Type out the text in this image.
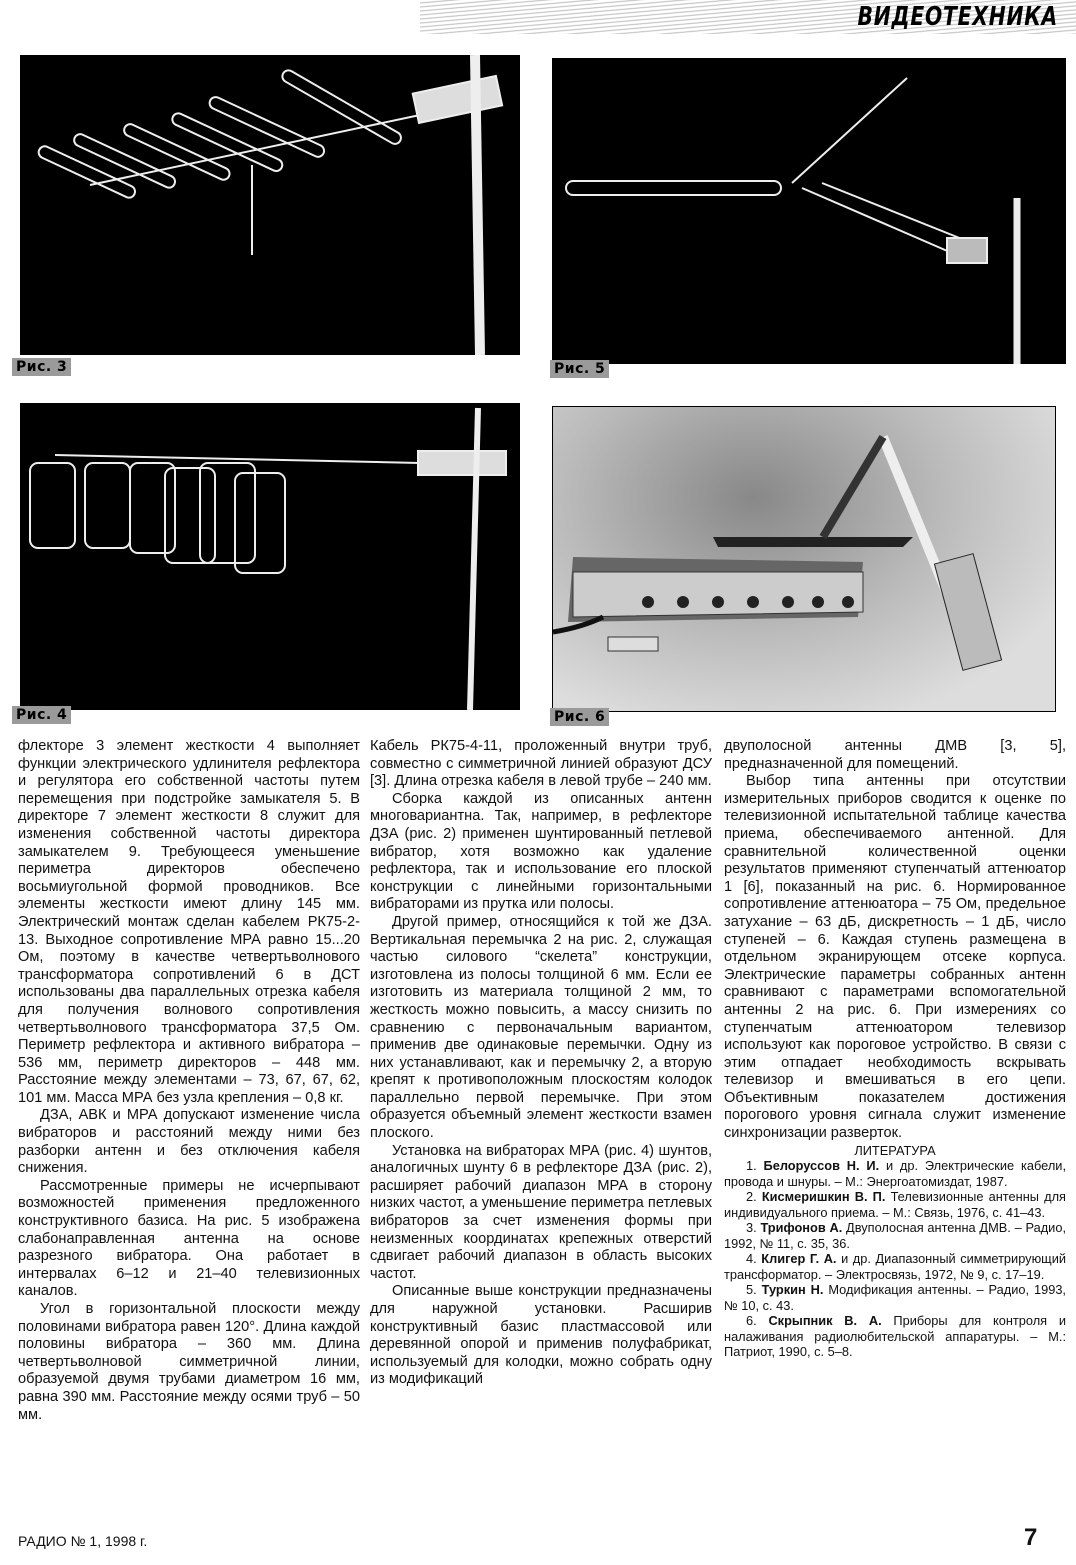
ВИДЕОТЕХНИКА
Рис. 3	Рис. 5
Рис. 4	Рис. 6

флекторе 3 элемент жесткости 4 выполняет функции электрического удлинителя рефлектора и регулятора его собственной частоты путем перемещения при подстройке замыкателя 5. В директоре 7 элемент жесткости 8 служит для изменения собственной частоты директора замыкателем 9. Требующееся уменьшение периметра директоров обеспечено восьмиугольной формой проводников. Все элементы жесткости имеют длину 145 мм. Электрический монтаж сделан кабелем РК75-2-13. Выходное сопротивление МРА равно 15...20 Ом, поэтому в качестве четвертьволнового трансформатора сопротивлений 6 в ДСТ использованы два параллельных отрезка кабеля для получения волнового сопротивления четвертьволнового трансформатора 37,5 Ом. Периметр рефлектора и активного вибратора – 536 мм, периметр директоров – 448 мм. Расстояние между элементами – 73, 67, 67, 62, 101 мм. Масса МРА без узла крепления – 0,8 кг.

ДЗА, АВК и МРА допускают изменение числа вибраторов и расстояний между ними без разборки антенн и без отключения кабеля снижения.

Рассмотренные примеры не исчерпывают возможностей применения предложенного конструктивного базиса. На рис. 5 изображена слабонаправленная антенна на основе разрезного вибратора. Она работает в интервалах 6–12 и 21–40 телевизионных каналов.

Угол в горизонтальной плоскости между половинами вибратора равен 120°. Длина каждой половины вибратора – 360 мм. Длина четвертьволновой симметричной линии, образуемой двумя трубами диаметром 16 мм, равна 390 мм. Расстояние между осями труб – 50 мм.

Кабель РК75-4-11, проложенный внутри труб, совместно с симметричной линией образуют ДСУ [3]. Длина отрезка кабеля в левой трубе – 240 мм.

Сборка каждой из описанных антенн многовариантна. Так, например, в рефлекторе ДЗА (рис. 2) применен шунтированный петлевой вибратор, хотя возможно как удаление рефлектора, так и использование его плоской конструкции с линейными горизонтальными вибраторами из прутка или полосы.

Другой пример, относящийся к той же ДЗА. Вертикальная перемычка 2 на рис. 2, служащая частью силового “скелета” конструкции, изготовлена из полосы толщиной 6 мм. Если ее изготовить из материала толщиной 2 мм, то жесткость можно повысить, а массу снизить по сравнению с первоначальным вариантом, применив две одинаковые перемычки. Одну из них устанавливают, как и перемычку 2, а вторую крепят к противоположным плоскостям колодок параллельно первой перемычке. При этом образуется объемный элемент жесткости взамен плоского.

Установка на вибраторах МРА (рис. 4) шунтов, аналогичных шунту 6 в рефлекторе ДЗА (рис. 2), расширяет рабочий диапазон МРА в сторону низких частот, а уменьшение периметра петлевых вибраторов за счет изменения формы при неизменных координатах крепежных отверстий сдвигает рабочий диапазон в область высоких частот.

Описанные выше конструкции предназначены для наружной установки. Расширив конструктивный базис пластмассовой или деревянной опорой и применив полуфабрикат, используемый для колодки, можно собрать одну из модификаций

двуполосной антенны ДМВ [3, 5], предназначенной для помещений.

Выбор типа антенны при отсутствии измерительных приборов сводится к оценке по телевизионной испытательной таблице качества приема, обеспечиваемого антенной. Для сравнительной количественной оценки результатов применяют ступенчатый аттенюатор 1 [6], показанный на рис. 6. Нормированное сопротивление аттенюатора – 75 Ом, предельное затухание – 63 дБ, дискретность – 1 дБ, число ступеней – 6. Каждая ступень размещена в отдельном экранирующем отсеке корпуса. Электрические параметры собранных антенн сравнивают с параметрами вспомогательной антенны 2 на рис. 6. При измерениях со ступенчатым аттенюатором телевизор используют как пороговое устройство. В связи с этим отпадает необходимость вскрывать телевизор и вмешиваться в его цепи. Объективным показателем достижения порогового уровня сигнала служит изменение синхронизации разверток.

ЛИТЕРАТУРА

1. Белоруссов Н. И. и др. Электрические кабели, провода и шнуры. – М.: Энергоатомиздат, 1987.

2. Кисмеришкин В. П. Телевизионные антенны для индивидуального приема. – М.: Связь, 1976, с. 41–43.

3. Трифонов А. Двуполосная антенна ДМВ. – Радио, 1992, № 11, с. 35, 36.

4. Клигер Г. А. и др. Диапазонный симметрирующий трансформатор. – Электросвязь, 1972, № 9, с. 17–19.

5. Туркин Н. Модификация антенны. – Радио, 1993, № 10, с. 43.

6. Скрыпник В. А. Приборы для контроля и налаживания радиолюбительской аппаратуры. – М.: Патриот, 1990, с. 5–8.

РАДИО № 1, 1998 г.	7
